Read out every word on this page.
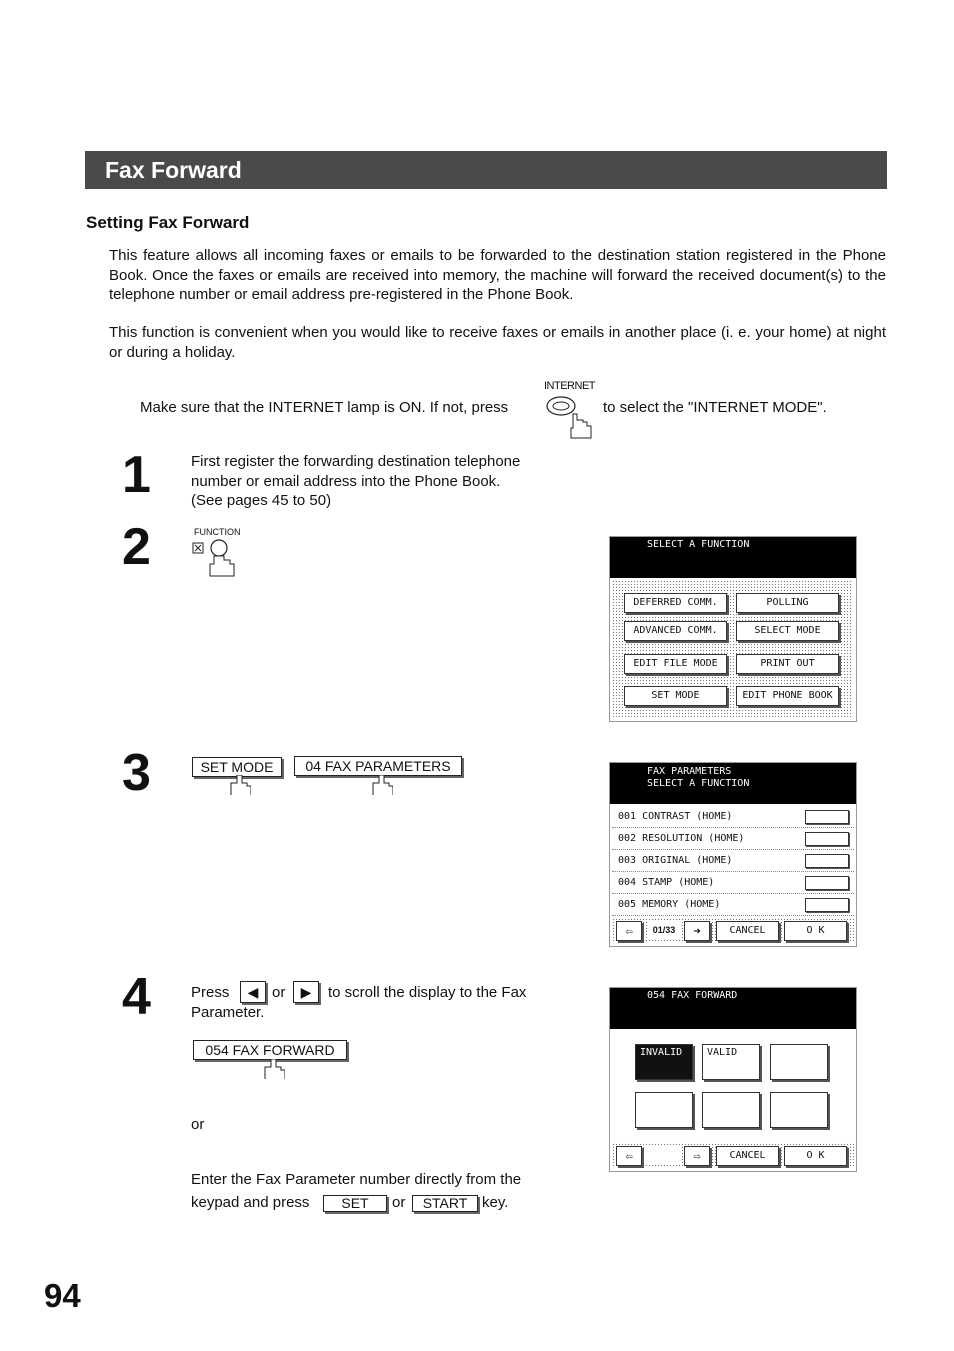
Fax Forward
Setting Fax Forward

This feature allows all incoming faxes or emails to be forwarded to the destination station registered in the Phone Book. Once the faxes or emails are received into memory, the machine will forward the received document(s) to the telephone number or email address pre-registered in the Phone Book.

This function is convenient when you would like to receive faxes or emails in another place (i. e. your home) at night or during a holiday.

Make sure that the INTERNET lamp is ON. If not, press
INTERNET
to select the "INTERNET MODE".
1	First register the forwarding destination telephone
number or email address into the Phone Book.
(See pages 45 to 50)
2	FUNCTION
3	SET MODE	04 FAX PARAMETERS
4	Press	◀ or	▶	to scroll the display to the Fax
Parameter.
054 FAX FORWARD
or
Enter the Fax Parameter number directly from the
keypad and press	SET	or	START key.
SELECT A FUNCTION
DEFERRED COMM.	POLLING
ADVANCED COMM.	SELECT MODE
EDIT FILE MODE	PRINT OUT
SET MODE	EDIT PHONE BOOK
FAX PARAMETERS
SELECT A FUNCTION
001 CONTRAST (HOME)
002 RESOLUTION (HOME)
003 ORIGINAL (HOME)
004 STAMP (HOME)
005 MEMORY (HOME)
⇦	01/33	➜	CANCEL	O K
054 FAX FORWARD
INVALID	VALID
⇦	⇨	CANCEL	O K
94
